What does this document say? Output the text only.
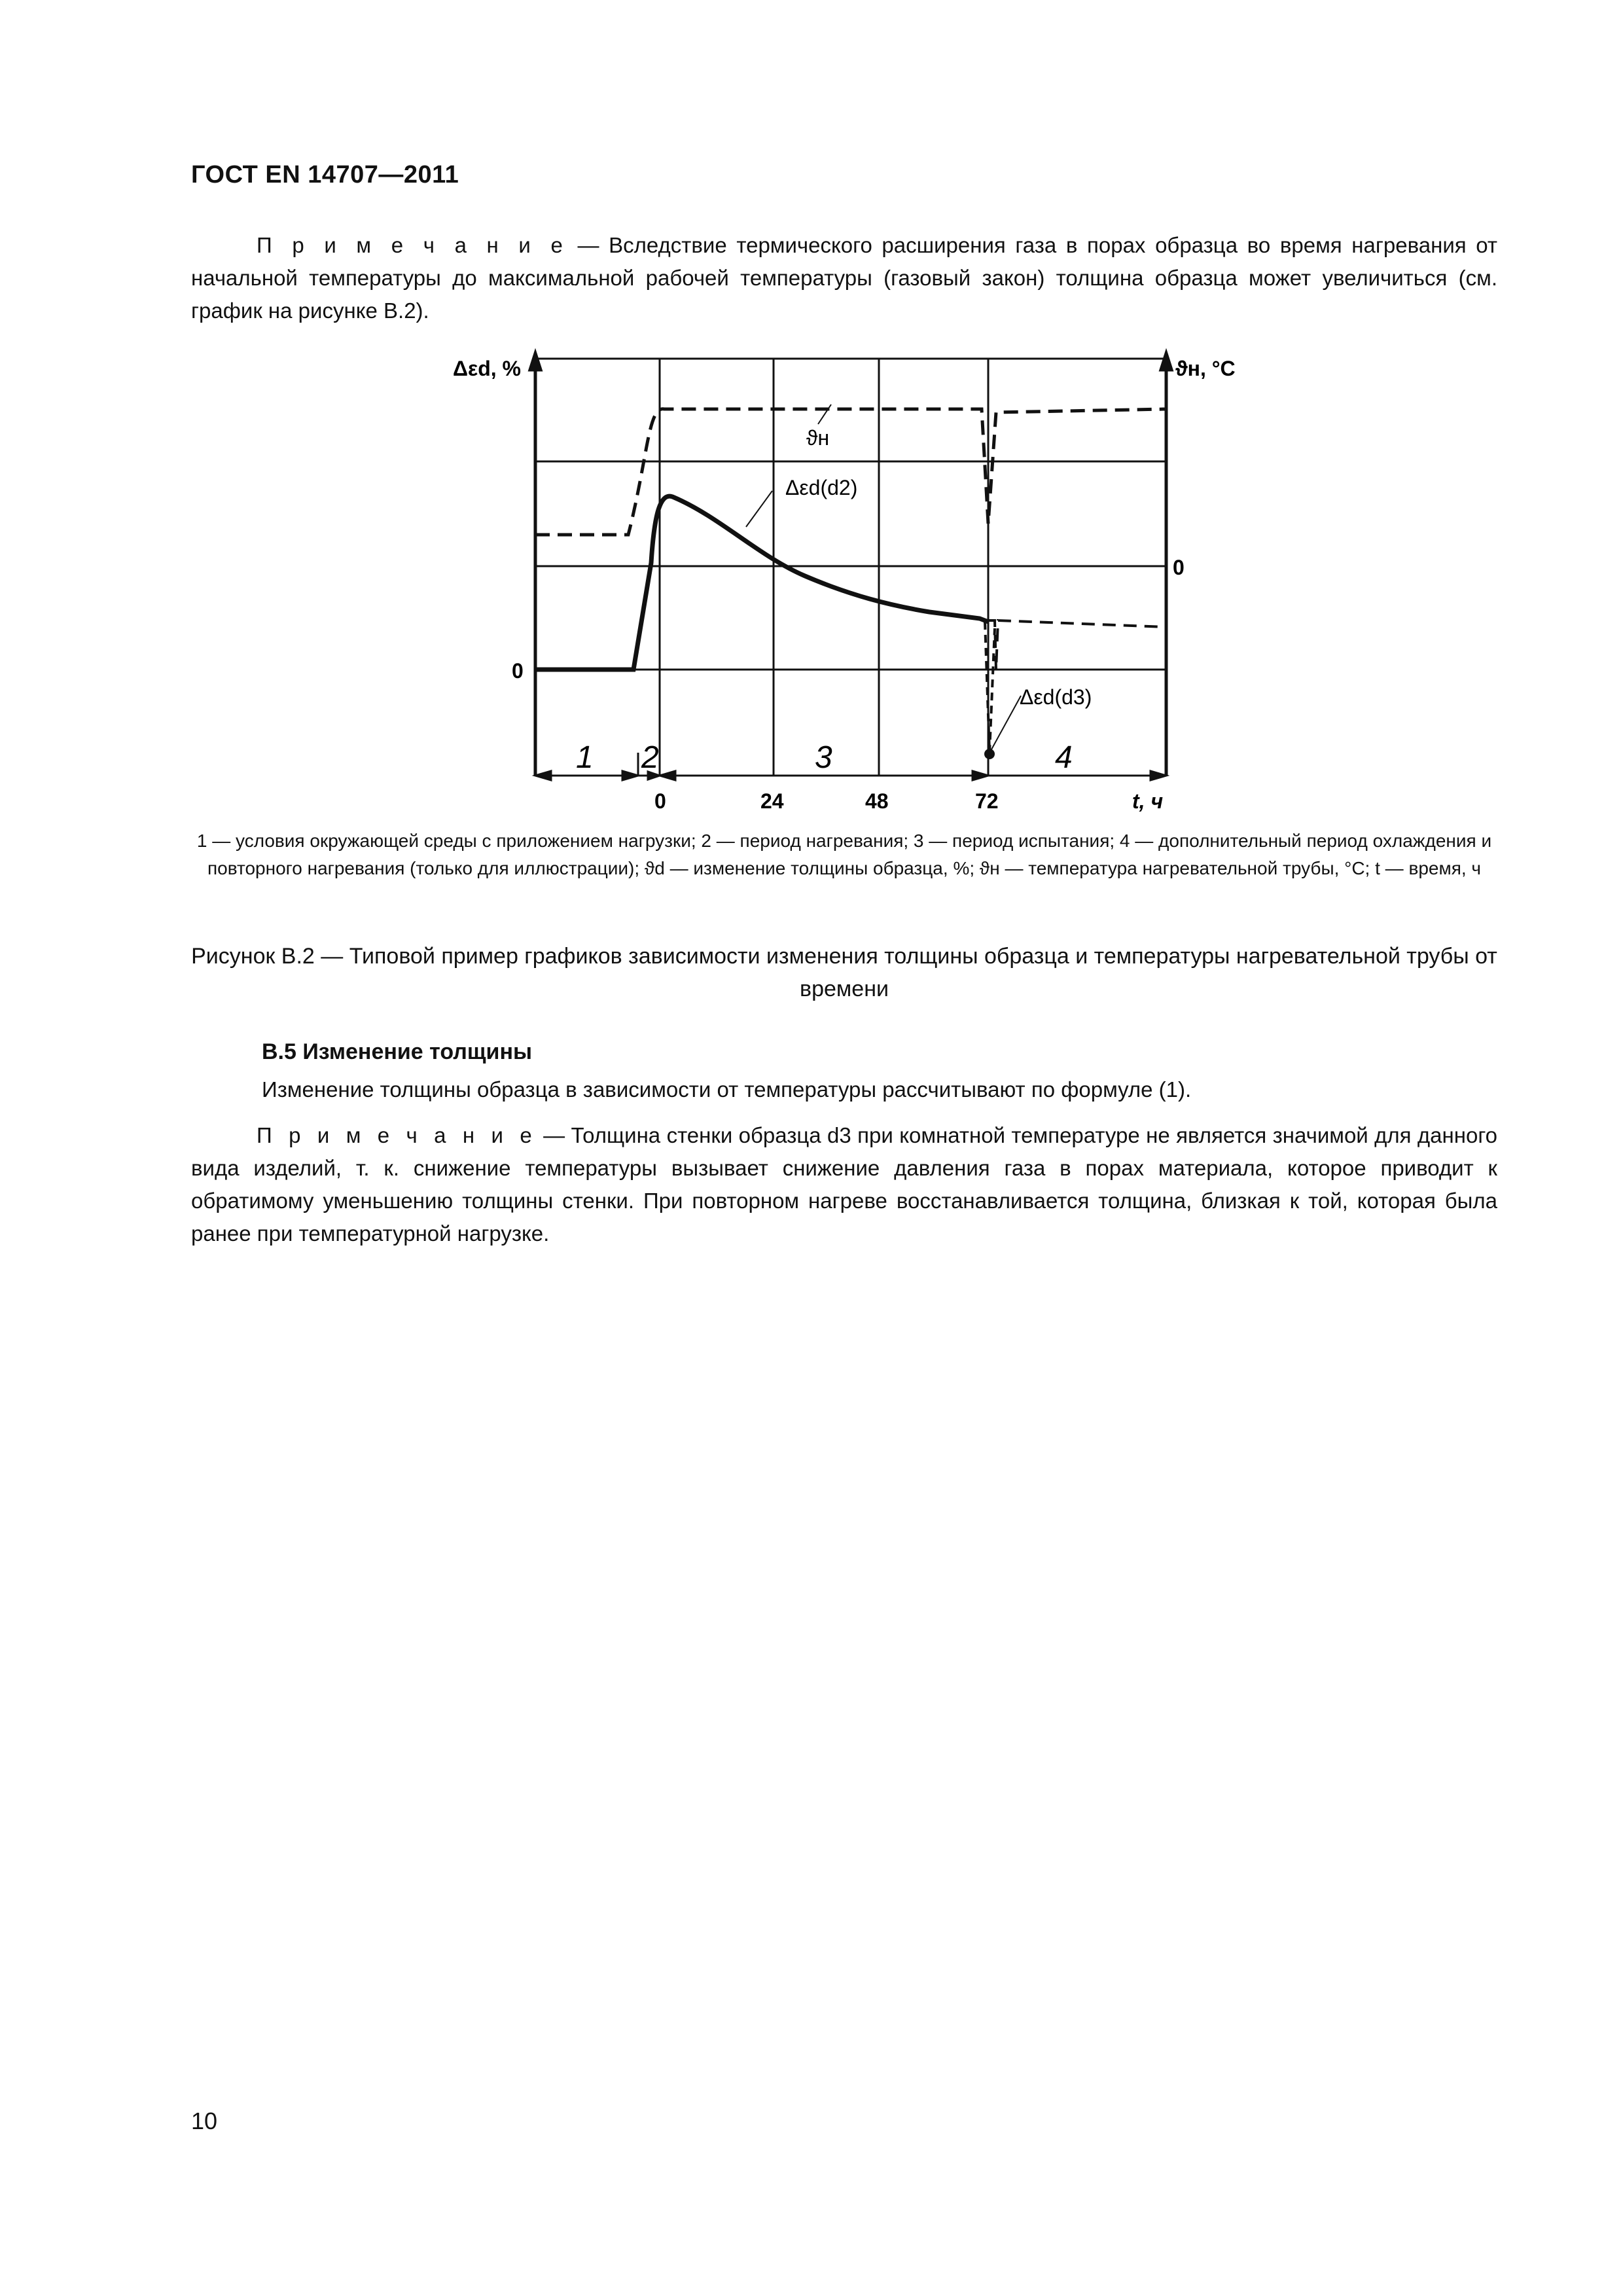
ГОСТ EN 14707—2011
П р и м е ч а н и е — Вследствие термического расширения газа в порах образца во время нагревания от начальной температуры до максимальной рабочей температуры (газовый закон) толщина образца может увеличиться (см. график на рисунке B.2).
Δεd, %	ϑн, °C
0
0
0	24	48	72	t, ч
1 2	3	4
ϑн
Δεd(d2)
Δεd(d3)
1 — условия окружающей среды с приложением нагрузки; 2 — период нагревания; 3 — период испытания; 4 — дополнительный период охлаждения и повторного нагревания (только для иллюстрации); ϑd — изменение толщины образца, %; ϑн — температура нагревательной трубы, °C; t — время, ч
Рисунок B.2 — Типовой пример графиков зависимости изменения толщины образца и температуры нагревательной трубы от времени
B.5 Изменение толщины
Изменение толщины образца в зависимости от температуры рассчитывают по формуле (1).
П р и м е ч а н и е — Толщина стенки образца d3 при комнатной температуре не является значимой для данного вида изделий, т. к. снижение температуры вызывает снижение давления газа в порах материала, которое приводит к обратимому уменьшению толщины стенки. При повторном нагреве восстанавливается толщина, близкая к той, которая была ранее при температурной нагрузке.
10
